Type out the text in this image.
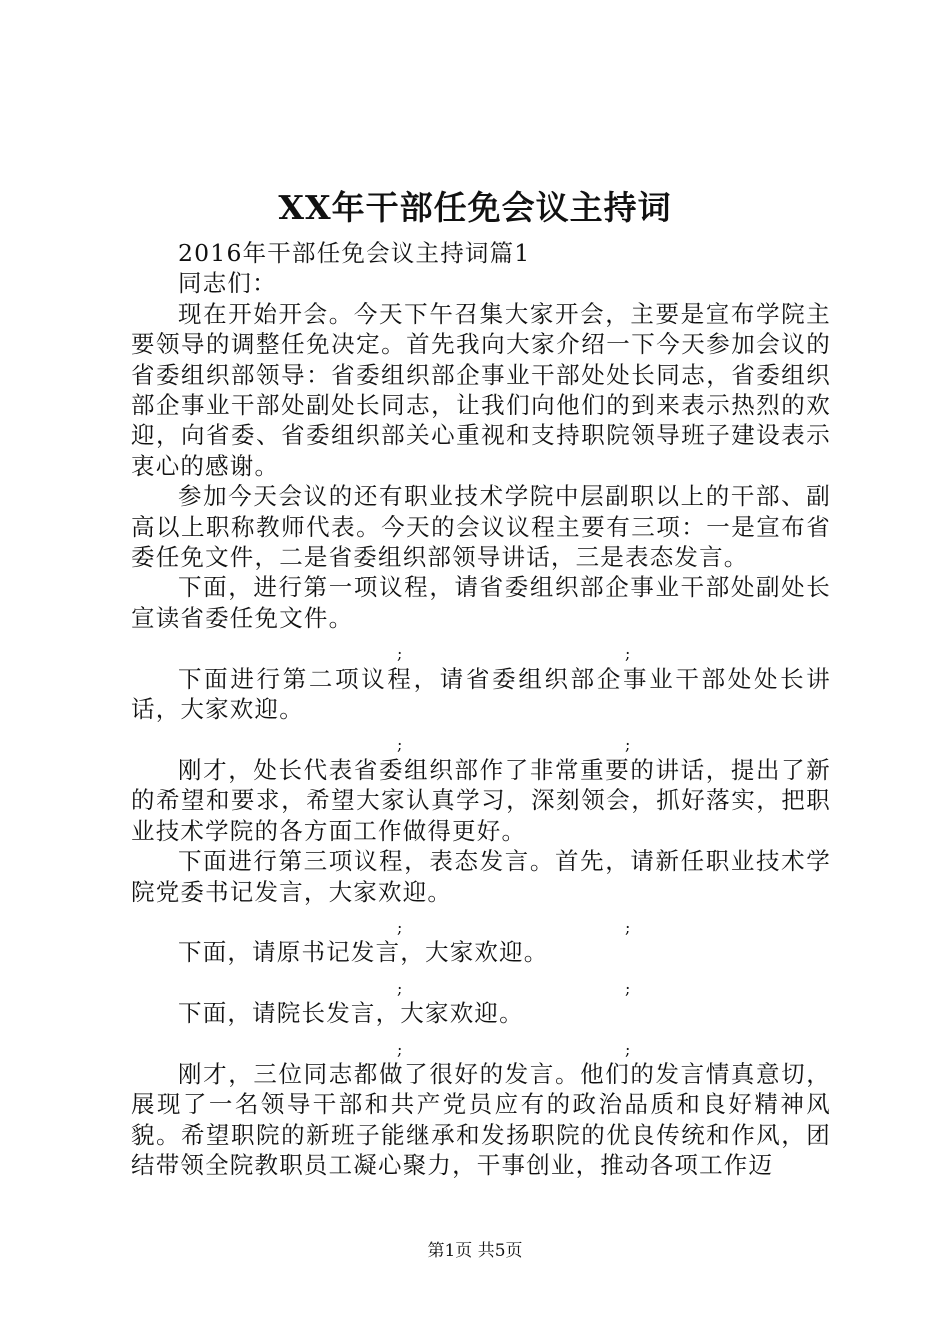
XX年干部任免会议主持词

2016年干部任免会议主持词篇1

同志们：

现在开始开会。今天下午召集大家开会，主要是宣布学院主要领导的调整任免决定。首先我向大家介绍一下今天参加会议的省委组织部领导：省委组织部企事业干部处处长同志，省委组织部企事业干部处副处长同志，让我们向他们的到来表示热烈的欢迎，向省委、省委组织部关心重视和支持职院领导班子建设表示衷心的感谢。

参加今天会议的还有职业技术学院中层副职以上的干部、副高以上职称教师代表。今天的会议议程主要有三项：一是宣布省委任免文件，二是省委组织部领导讲话，三是表态发言。

下面，进行第一项议程，请省委组织部企事业干部处副处长宣读省委任免文件。

;	;

下面进行第二项议程，请省委组织部企事业干部处处长讲话，大家欢迎。

;	;

刚才，处长代表省委组织部作了非常重要的讲话，提出了新的希望和要求，希望大家认真学习，深刻领会，抓好落实，把职业技术学院的各方面工作做得更好。

下面进行第三项议程，表态发言。首先，请新任职业技术学院党委书记发言，大家欢迎。

;	;

下面，请原书记发言，大家欢迎。

;	;

下面，请院长发言，大家欢迎。

;	;

刚才，三位同志都做了很好的发言。他们的发言情真意切，展现了一名领导干部和共产党员应有的政治品质和良好精神风貌。希望职院的新班子能继承和发扬职院的优良传统和作风，团结带领全院教职员工凝心聚力，干事创业，推动各项工作迈

第1页 共5页
